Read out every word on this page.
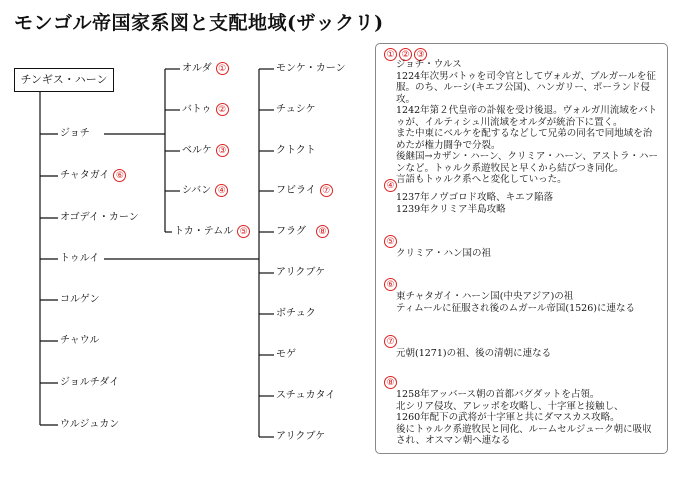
モンゴル帝国家系図と支配地域(ザックリ)
チンギス・ハーン
ジョチ
チャタガイ ⑥
オゴデイ・カーン
トゥルイ
コルゲン
チャウル
ジョルチダイ
ウルジュカン
オルダ ①
バトゥ ②
ベルケ ③
シバン ④
トカ・テムル ⑤
モンケ・カーン
チュシケ
クトクト
フビライ ⑦
フラグ ⑧
アリクブケ
ボチュク
モゲ
スチュカタイ
アリクブケ
① ② ③
ジョチ・ウルス
1224年次男バトゥを司令官としてヴォルガ、ブルガールを征服。のち、ルーシ(キエフ公国)、ハンガリー、ポーランド侵攻。
1242年第２代皇帝の訃報を受け後退。ヴォルガ川流域をバトゥが、イルティシュ川流域をオルダが統治下に置く。
また中東にベルケを配するなどして兄弟の同名で同地域を治めたが権力闘争で分裂。
後継国→カザン・ハーン、クリミア・ハーン、アストラ・ハーンなど。トゥルク系遊牧民と早くから結びつき同化。
言語もトゥルク系へと変化していった。
④
1237年ノヴゴロド攻略、キエフ陥落
1239年クリミア半島攻略
⑤
クリミア・ハン国の祖
⑥
東チャタガイ・ハーン国(中央アジア)の祖
ティムールに征服され後のムガール帝国(1526)に連なる
⑦
元朝(1271)の祖、後の清朝に連なる
⑧
1258年アッバース朝の首都バグダットを占領。
北シリア侵攻、アレッポを攻略し、十字軍と接触し、
1260年配下の武将が十字軍と共にダマスカス攻略。
後にトゥルク系遊牧民と同化、ルームセルジューク朝に吸収され、オスマン朝へ連なる
